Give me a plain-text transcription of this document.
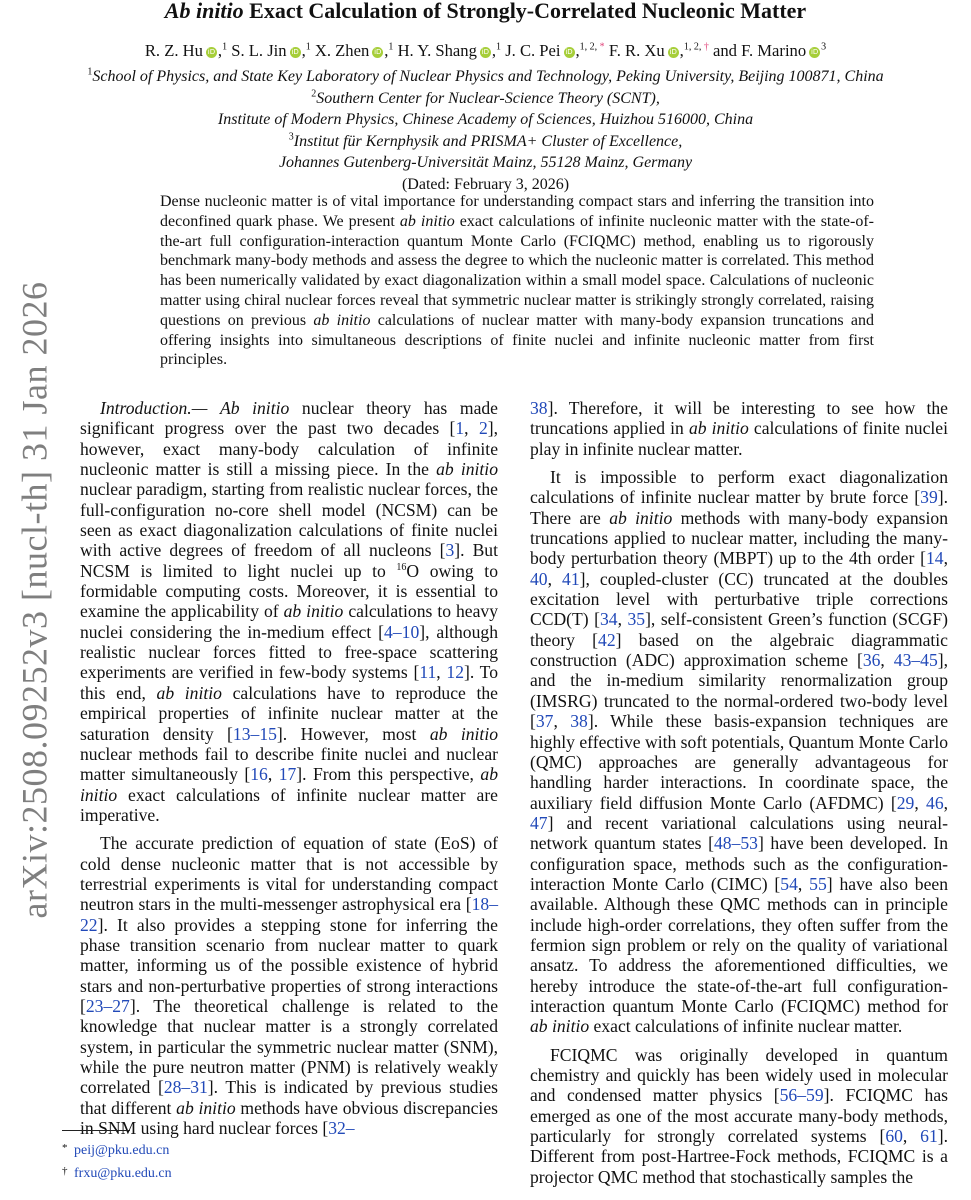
arXiv:2508.09252v3 [nucl-th] 31 Jan 2026
Ab initio Exact Calculation of Strongly-Correlated Nucleonic Matter
R. Z. Hu iD ,$^1$ S. L. Jin iD ,$^1$ X. Zhen iD ,$^1$ H. Y. Shang iD ,$^1$ J. C. Pei iD ,$^{1, 2, *}$ F. R. Xu iD ,$^{1, 2, \dagger}$ and F. Marino iD $^3$
$^1$School of Physics, and State Key Laboratory of Nuclear Physics and Technology, Peking University, Beijing 100871, China
$^2$Southern Center for Nuclear-Science Theory (SCNT),
Institute of Modern Physics, Chinese Academy of Sciences, Huizhou 516000, China
$^3$Institut für Kernphysik and PRISMA+ Cluster of Excellence,
Johannes Gutenberg-Universität Mainz, 55128 Mainz, Germany
(Dated: February 3, 2026)
Dense nucleonic matter is of vital importance for understanding compact stars and inferring the transition into deconfined quark phase. We present ab initio exact calculations of infinite nucleonic matter with the state-of-the-art full configuration-interaction quantum Monte Carlo (FCIQMC) method, enabling us to rigorously benchmark many-body methods and assess the degree to which the nucleonic matter is correlated. This method has been numerically validated by exact diagonalization within a small model space. Calculations of nucleonic matter using chiral nuclear forces reveal that symmetric nuclear matter is strikingly strongly correlated, raising questions on previous ab initio calculations of nuclear matter with many-body expansion truncations and offering insights into simultaneous descriptions of finite nuclei and infinite nucleonic matter from first principles.

Introduction.— Ab initio nuclear theory has made significant progress over the past two decades [1, 2], however, exact many-body calculation of infinite nucleonic matter is still a missing piece. In the ab initio nuclear paradigm, starting from realistic nuclear forces, the full-configuration no-core shell model (NCSM) can be seen as exact diagonalization calculations of finite nuclei with active degrees of freedom of all nucleons [3]. But NCSM is limited to light nuclei up to $^{16}$O owing to formidable computing costs. Moreover, it is essential to examine the applicability of ab initio calculations to heavy nuclei considering the in-medium effect [4–10], although realistic nuclear forces fitted to free-space scattering experiments are verified in few-body systems [11, 12]. To this end, ab initio calculations have to reproduce the empirical properties of infinite nuclear matter at the saturation density [13–15]. However, most ab initio nuclear methods fail to describe finite nuclei and nuclear matter simultaneously [16, 17]. From this perspective, ab initio exact calculations of infinite nuclear matter are imperative.

The accurate prediction of equation of state (EoS) of cold dense nucleonic matter that is not accessible by terrestrial experiments is vital for understanding compact neutron stars in the multi-messenger astrophysical era [18–22]. It also provides a stepping stone for inferring the phase transition scenario from nuclear matter to quark matter, informing us of the possible existence of hybrid stars and non-perturbative properties of strong interactions [23–27]. The theoretical challenge is related to the knowledge that nuclear matter is a strongly correlated system, in particular the symmetric nuclear matter (SNM), while the pure neutron matter (PNM) is relatively weakly correlated [28–31]. This is indicated by previous studies that different ab initio methods have obvious discrepancies in SNM using hard nuclear forces [32–

38]. Therefore, it will be interesting to see how the truncations applied in ab initio calculations of finite nuclei play in infinite nuclear matter.

It is impossible to perform exact diagonalization calculations of infinite nuclear matter by brute force [39]. There are ab initio methods with many-body expansion truncations applied to nuclear matter, including the many-body perturbation theory (MBPT) up to the 4th order [14, 40, 41], coupled-cluster (CC) truncated at the doubles excitation level with perturbative triple corrections CCD(T) [34, 35], self-consistent Green’s function (SCGF) theory [42] based on the algebraic diagrammatic construction (ADC) approximation scheme [36, 43–45], and the in-medium similarity renormalization group (IMSRG) truncated to the normal-ordered two-body level [37, 38]. While these basis-expansion techniques are highly effective with soft potentials, Quantum Monte Carlo (QMC) approaches are generally advantageous for handling harder interactions. In coordinate space, the auxiliary field diffusion Monte Carlo (AFDMC) [29, 46, 47] and recent variational calculations using neural-network quantum states [48–53] have been developed. In configuration space, methods such as the configuration-interaction Monte Carlo (CIMC) [54, 55] have also been available. Although these QMC methods can in principle include high-order correlations, they often suffer from the fermion sign problem or rely on the quality of variational ansatz. To address the aforementioned difficulties, we hereby introduce the state-of-the-art full configuration-interaction quantum Monte Carlo (FCIQMC) method for ab initio exact calculations of infinite nuclear matter.

FCIQMC was originally developed in quantum chemistry and quickly has been widely used in molecular and condensed matter physics [56–59]. FCIQMC has emerged as one of the most accurate many-body methods, particularly for strongly correlated systems [60, 61]. Different from post-Hartree-Fock methods, FCIQMC is a projector QMC method that stochastically samples the

* peij@pku.edu.cn
† frxu@pku.edu.cn
